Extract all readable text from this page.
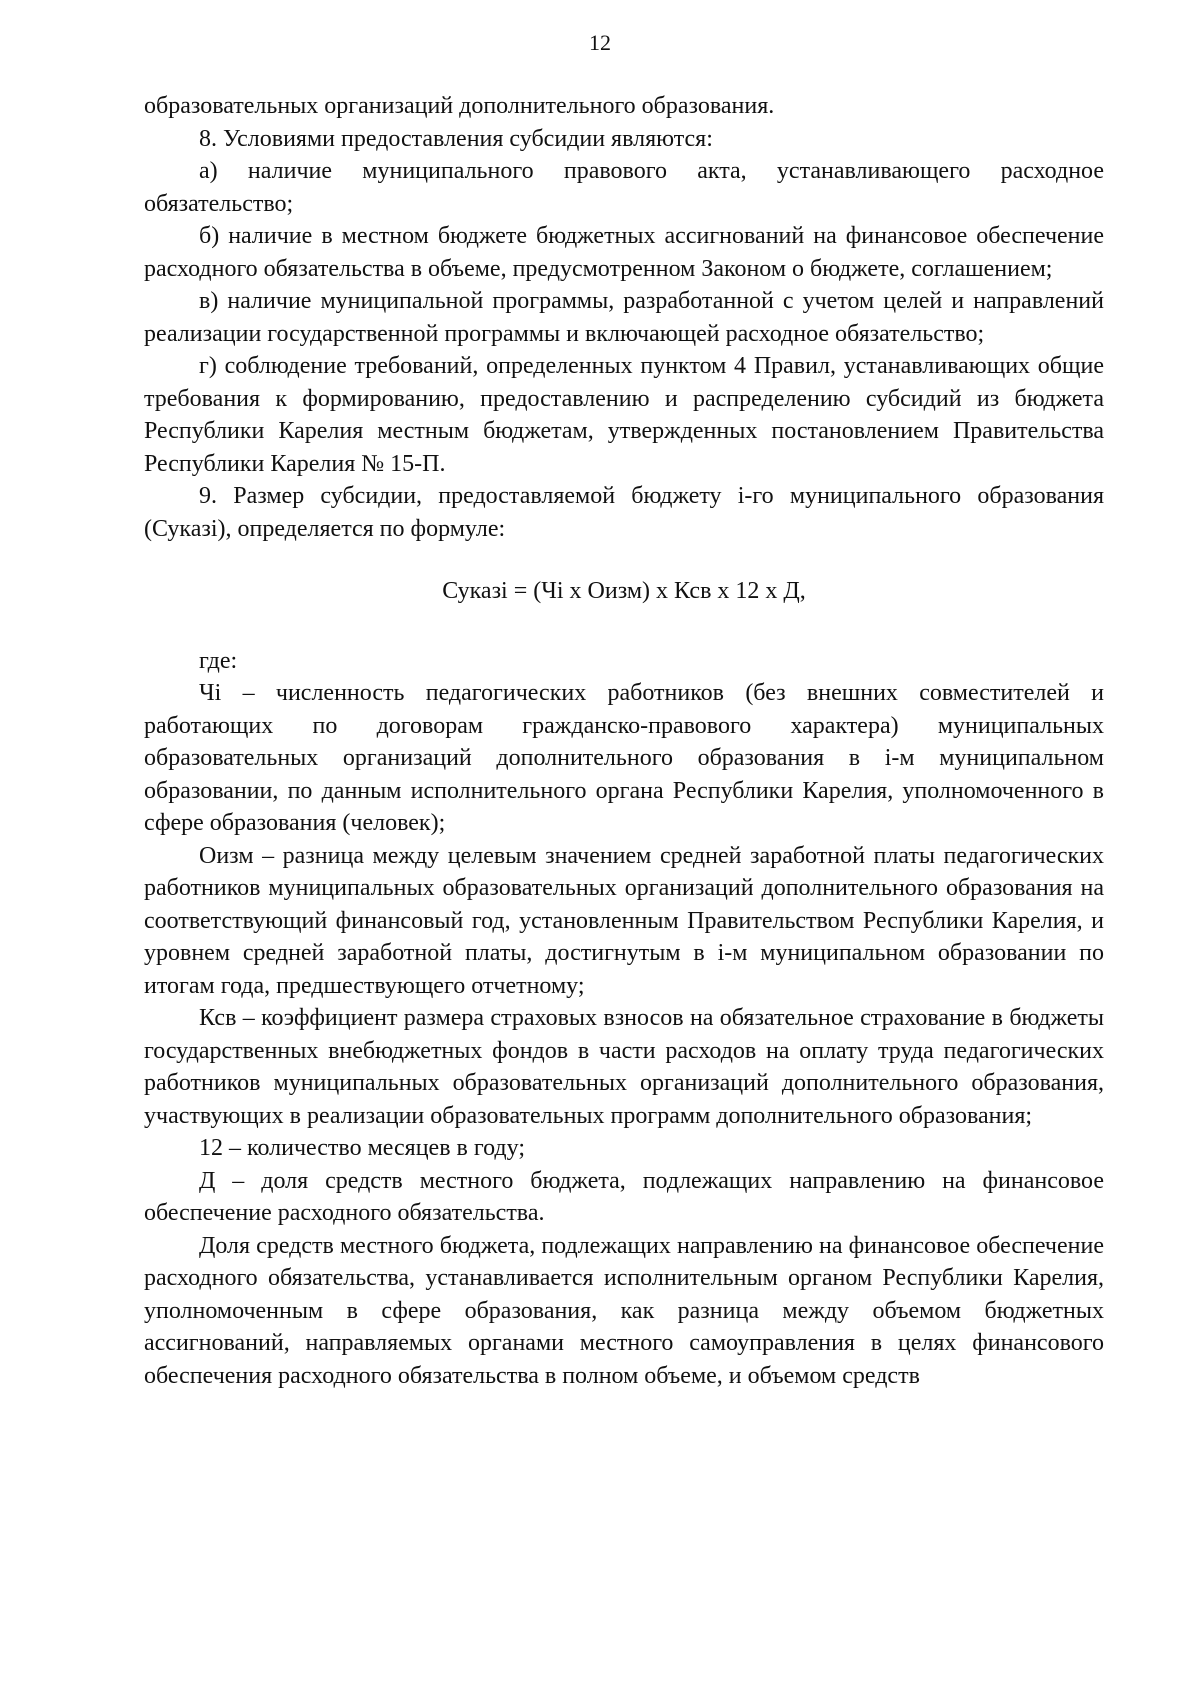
12

образовательных организаций дополнительного образования.

8. Условиями предоставления субсидии являются:

а) наличие муниципального правового акта, устанавливающего расходное обязательство;

б) наличие в местном бюджете бюджетных ассигнований на финансовое обеспечение расходного обязательства в объеме, предусмотренном Законом о бюджете, соглашением;

в) наличие муниципальной программы, разработанной с учетом целей и направлений реализации государственной программы и включающей расходное обязательство;

г) соблюдение требований, определенных пунктом 4 Правил, устанавливающих общие требования к формированию, предоставлению и распределению субсидий из бюджета Республики Карелия местным бюджетам, утвержденных постановлением Правительства Республики Карелия № 15-П.

9. Размер субсидии, предоставляемой бюджету i-го муниципального образования (Суказi), определяется по формуле:

Суказi = (Чi х Оизм) х Ксв х 12 х Д,

где:

Чi – численность педагогических работников (без внешних совместителей и работающих по договорам гражданско-правового характера) муниципальных образовательных организаций дополнительного образования в i-м муниципальном образовании, по данным исполнительного органа Республики Карелия, уполномоченного в сфере образования (человек);

Оизм – разница между целевым значением средней заработной платы педагогических работников муниципальных образовательных организаций дополнительного образования на соответствующий финансовый год, установленным Правительством Республики Карелия, и уровнем средней заработной платы, достигнутым в i-м муниципальном образовании по итогам года, предшествующего отчетному;

Ксв – коэффициент размера страховых взносов на обязательное страхование в бюджеты государственных внебюджетных фондов в части расходов на оплату труда педагогических работников муниципальных образовательных организаций дополнительного образования, участвующих в реализации образовательных программ дополнительного образования;

12 – количество месяцев в году;

Д – доля средств местного бюджета, подлежащих направлению на финансовое обеспечение расходного обязательства.

Доля средств местного бюджета, подлежащих направлению на финансовое обеспечение расходного обязательства, устанавливается исполнительным органом Республики Карелия, уполномоченным в сфере образования, как разница между объемом бюджетных ассигнований, направляемых органами местного самоуправления в целях финансового обеспечения расходного обязательства в полном объеме, и объемом средств
